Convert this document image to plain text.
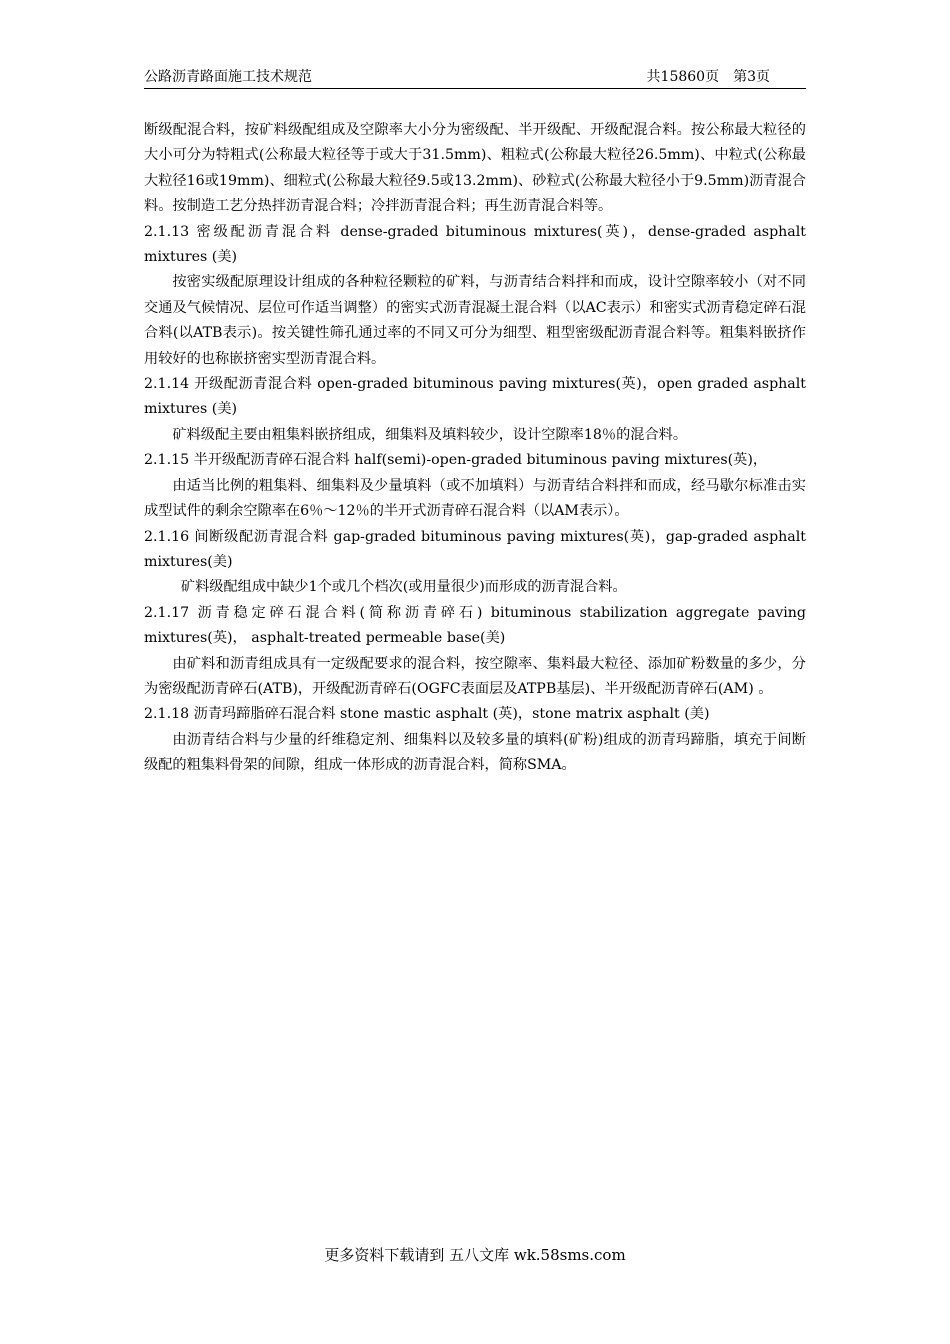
公路沥青路面施工技术规范	共15860页 第3页

断级配混合料，按矿料级配组成及空隙率大小分为密级配、半开级配、开级配混合料。按公称最大粒径的大小可分为特粗式(公称最大粒径等于或大于31.5mm)、粗粒式(公称最大粒径26.5mm)、中粒式(公称最大粒径16或19mm)、细粒式(公称最大粒径9.5或13.2mm)、砂粒式(公称最大粒径小于9.5mm)沥青混合料。按制造工艺分热拌沥青混合料；冷拌沥青混合料；再生沥青混合料等。

2.1.13 密级配沥青混合料 dense-graded bituminous mixtures(英)，dense-graded asphalt mixtures (美)

按密实级配原理设计组成的各种粒径颗粒的矿料，与沥青结合料拌和而成，设计空隙率较小（对不同交通及气候情况、层位可作适当调整）的密实式沥青混凝土混合料（以AC表示）和密实式沥青稳定碎石混合料(以ATB表示)。按关键性筛孔通过率的不同又可分为细型、粗型密级配沥青混合料等。粗集料嵌挤作用较好的也称嵌挤密实型沥青混合料。

2.1.14 开级配沥青混合料 open-graded bituminous paving mixtures(英)，open graded asphalt mixtures (美)

矿料级配主要由粗集料嵌挤组成，细集料及填料较少，设计空隙率18％的混合料。

2.1.15 半开级配沥青碎石混合料 half(semi)-open-graded bituminous paving mixtures(英)，

由适当比例的粗集料、细集料及少量填料（或不加填料）与沥青结合料拌和而成，经马歇尔标准击实成型试件的剩余空隙率在6％～12％的半开式沥青碎石混合料（以AM表示）。

2.1.16 间断级配沥青混合料 gap-graded bituminous paving mixtures(英)，gap-graded asphalt mixtures(美)

矿料级配组成中缺少1个或几个档次(或用量很少)而形成的沥青混合料。

2.1.17 沥青稳定碎石混合料(简称沥青碎石) bituminous stabilization aggregate paving mixtures(英)， asphalt-treated permeable base(美)

由矿料和沥青组成具有一定级配要求的混合料，按空隙率、集料最大粒径、添加矿粉数量的多少，分为密级配沥青碎石(ATB)，开级配沥青碎石(OGFC表面层及ATPB基层)、半开级配沥青碎石(AM) 。

2.1.18 沥青玛蹄脂碎石混合料 stone mastic asphalt (英)，stone matrix asphalt (美)

由沥青结合料与少量的纤维稳定剂、细集料以及较多量的填料(矿粉)组成的沥青玛蹄脂，填充于间断级配的粗集料骨架的间隙，组成一体形成的沥青混合料，简称SMA。

更多资料下载请到 五八文库 wk.58sms.com
